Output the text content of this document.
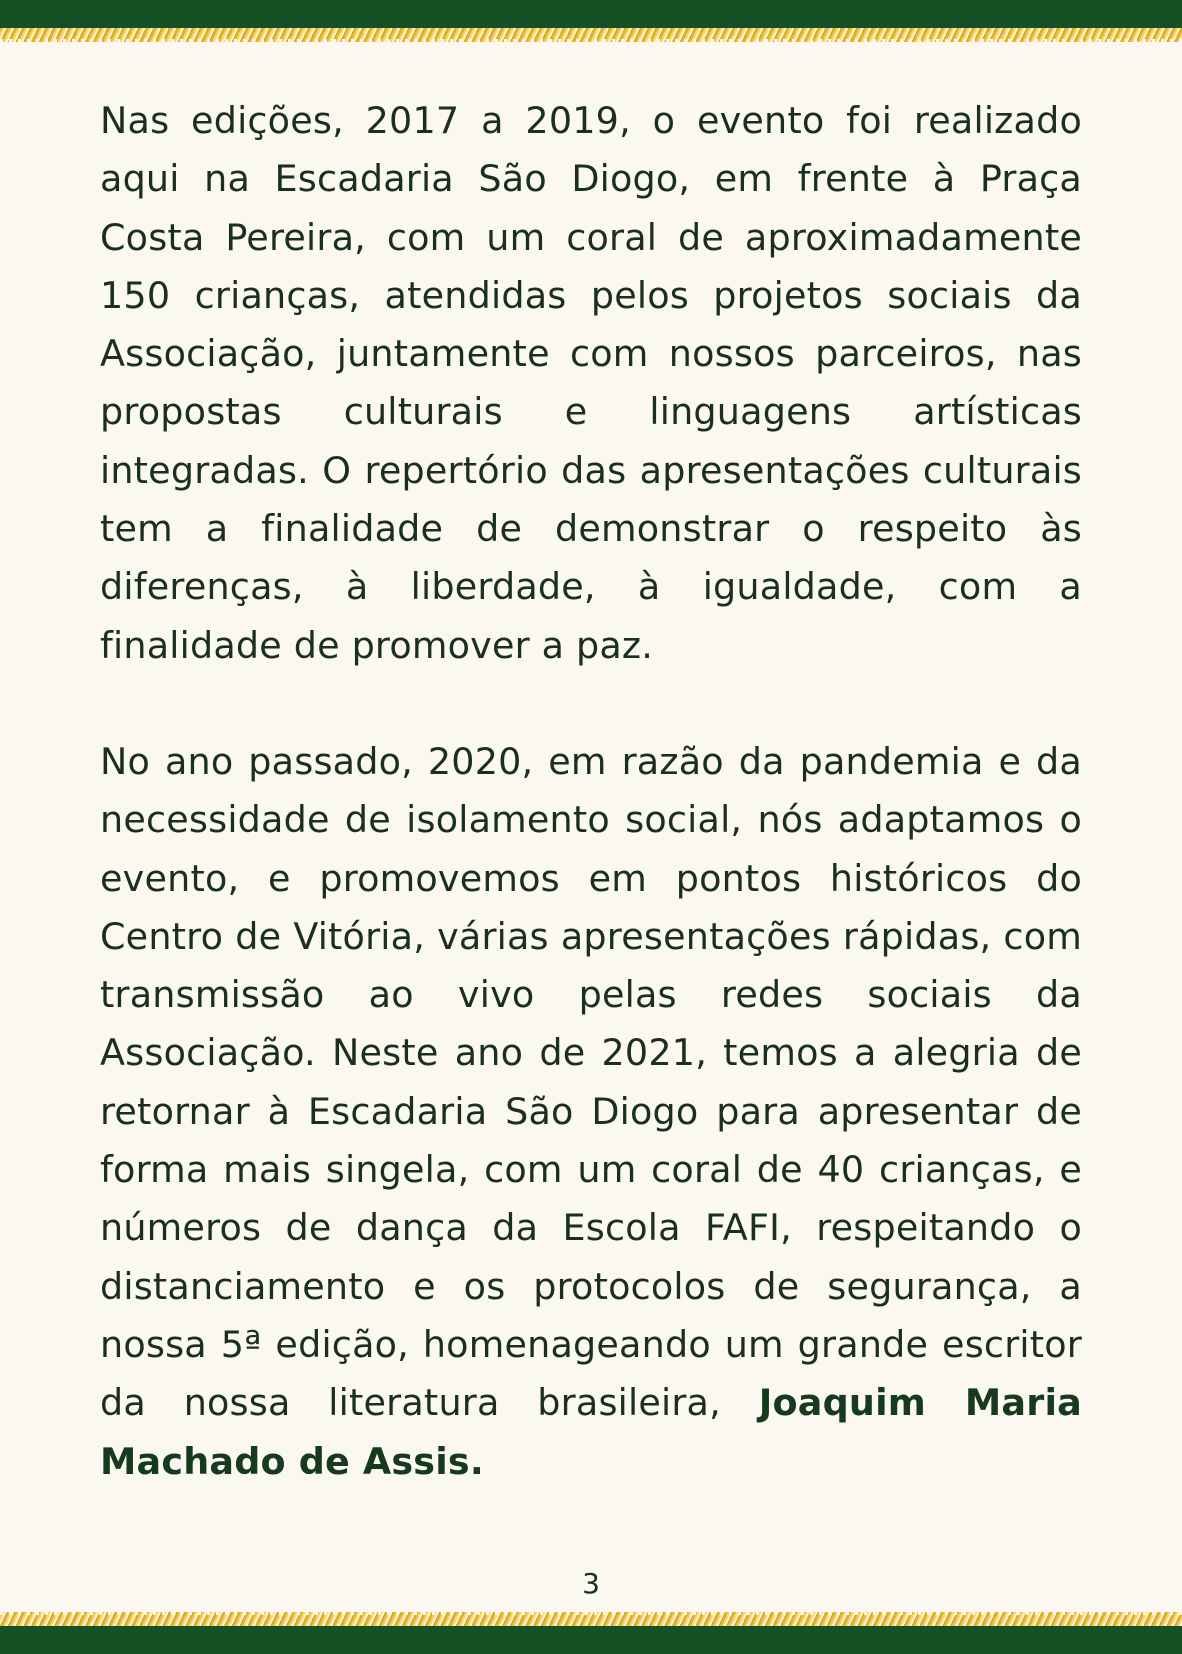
Nas edições, 2017 a 2019, o evento foi realizado aqui na Escadaria São Diogo, em frente à Praça Costa Pereira, com um coral de aproximadamente 150 crianças, atendidas pelos projetos sociais da Associação, juntamente com nossos parceiros, nas propostas culturais e linguagens artísticas integradas. O repertório das apresentações culturais tem a finalidade de demonstrar o respeito às diferenças, à liberdade, à igualdade, com a finalidade de promover a paz.

No ano passado, 2020, em razão da pandemia e da necessidade de isolamento social, nós adaptamos o evento, e promovemos em pontos históricos do Centro de Vitória, várias apresentações rápidas, com transmissão ao vivo pelas redes sociais da Associação. Neste ano de 2021, temos a alegria de retornar à Escadaria São Diogo para apresentar de forma mais singela, com um coral de 40 crianças, e números de dança da Escola FAFI, respeitando o distanciamento e os protocolos de segurança, a nossa 5ª edição, homenageando um grande escritor da nossa literatura brasileira, Joaquim Maria Machado de Assis.

3
